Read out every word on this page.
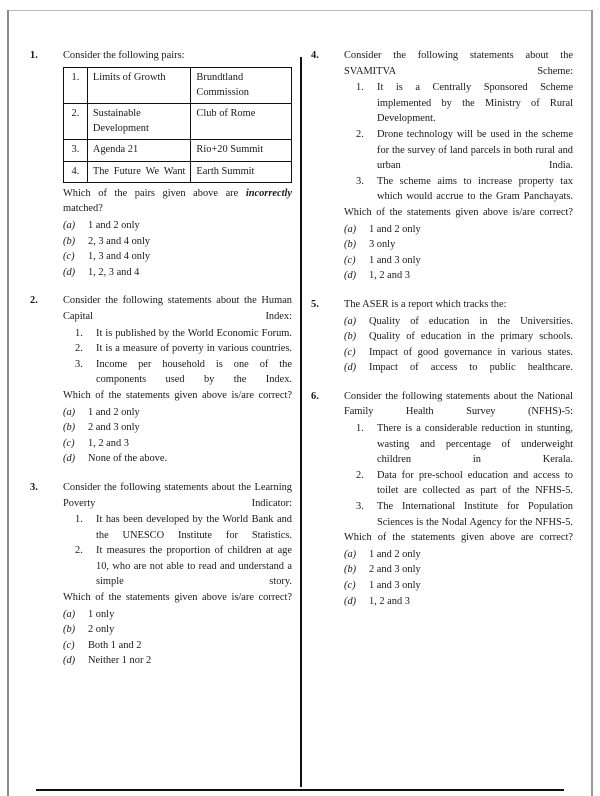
1.	Consider the following pairs:
1.	Limits of Growth	Brundtland Commission
2.	Sustainable Development	Club of Rome
3.	Agenda 21	Rio+20 Summit
4.	The Future We Want	Earth Summit
Which of the pairs given above are incorrectly matched?
(a)	1 and 2 only
(b)	2, 3 and 4 only
(c)	1, 3 and 4 only
(d)	1, 2, 3 and 4
2.	Consider the following statements about the Human Capital Index:
1.	It is published by the World Economic Forum.
2.	It is a measure of poverty in various countries.
3.	Income per household is one of the components used by the Index.
Which of the statements given above is/are correct?
(a)	1 and 2 only
(b)	2 and 3 only
(c)	1, 2 and 3
(d)	None of the above.
3.	Consider the following statements about the Learning Poverty Indicator:
1.	It has been developed by the World Bank and the UNESCO Institute for Statistics.
2.	It measures the proportion of children at age 10, who are not able to read and understand a simple story.
Which of the statements given above is/are correct?
(a)	1 only
(b)	2 only
(c)	Both 1 and 2
(d)	Neither 1 nor 2
4.	Consider the following statements about the SVAMITVA Scheme:
1.	It is a Centrally Sponsored Scheme implemented by the Ministry of Rural Development.
2.	Drone technology will be used in the scheme for the survey of land parcels in both rural and urban India.
3.	The scheme aims to increase property tax which would accrue to the Gram Panchayats.
Which of the statements given above is/are correct?
(a)	1 and 2 only
(b)	3 only
(c)	1 and 3 only
(d)	1, 2 and 3
5.	The ASER is a report which tracks the:
(a)	Quality of education in the Universities.
(b)	Quality of education in the primary schools.
(c)	Impact of good governance in various states.
(d)	Impact of access to public healthcare.
6.	Consider the following statements about the National Family Health Survey (NFHS)-5:
1.	There is a considerable reduction in stunting, wasting and percentage of underweight children in Kerala.
2.	Data for pre-school education and access to toilet are collected as part of the NFHS-5.
3.	The International Institute for Population Sciences is the Nodal Agency for the NFHS-5.
Which of the statements given above are correct?
(a)	1 and 2 only
(b)	2 and 3 only
(c)	1 and 3 only
(d)	1, 2 and 3
